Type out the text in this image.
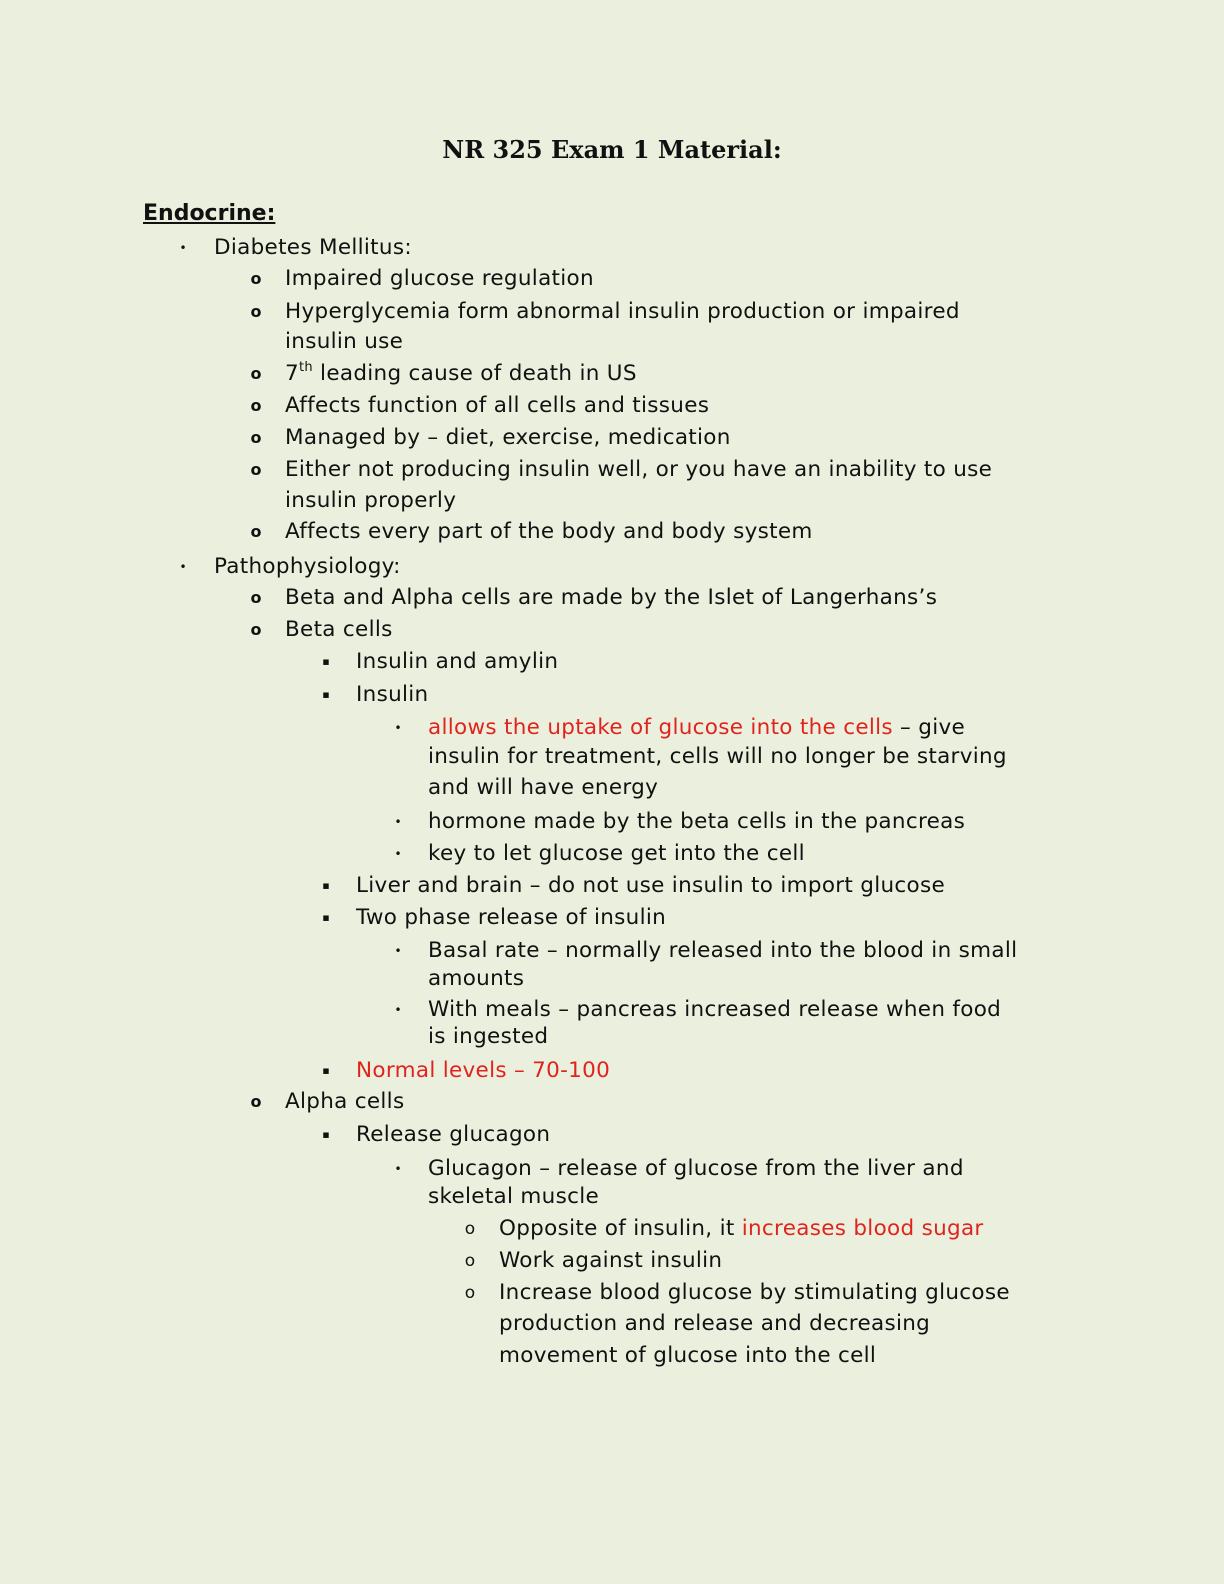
NR 325 Exam 1 Material:
Endocrine:
• Diabetes Mellitus:
o Impaired glucose regulation
o Hyperglycemia form abnormal insulin production or impaired
insulin use
o 7th leading cause of death in US
o Affects function of all cells and tissues
o Managed by – diet, exercise, medication
o Either not producing insulin well, or you have an inability to use
insulin properly
o Affects every part of the body and body system
• Pathophysiology:
o Beta and Alpha cells are made by the Islet of Langerhans’s
o Beta cells
▪ Insulin and amylin
▪ Insulin
• allows the uptake of glucose into the cells – give
insulin for treatment, cells will no longer be starving
and will have energy
• hormone made by the beta cells in the pancreas
• key to let glucose get into the cell
▪ Liver and brain – do not use insulin to import glucose
▪ Two phase release of insulin
• Basal rate – normally released into the blood in small
amounts
• With meals – pancreas increased release when food
is ingested
▪ Normal levels – 70-100
o Alpha cells
▪ Release glucagon
• Glucagon – release of glucose from the liver and
skeletal muscle
o Opposite of insulin, it increases blood sugar
o Work against insulin
o Increase blood glucose by stimulating glucose
production and release and decreasing
movement of glucose into the cell
